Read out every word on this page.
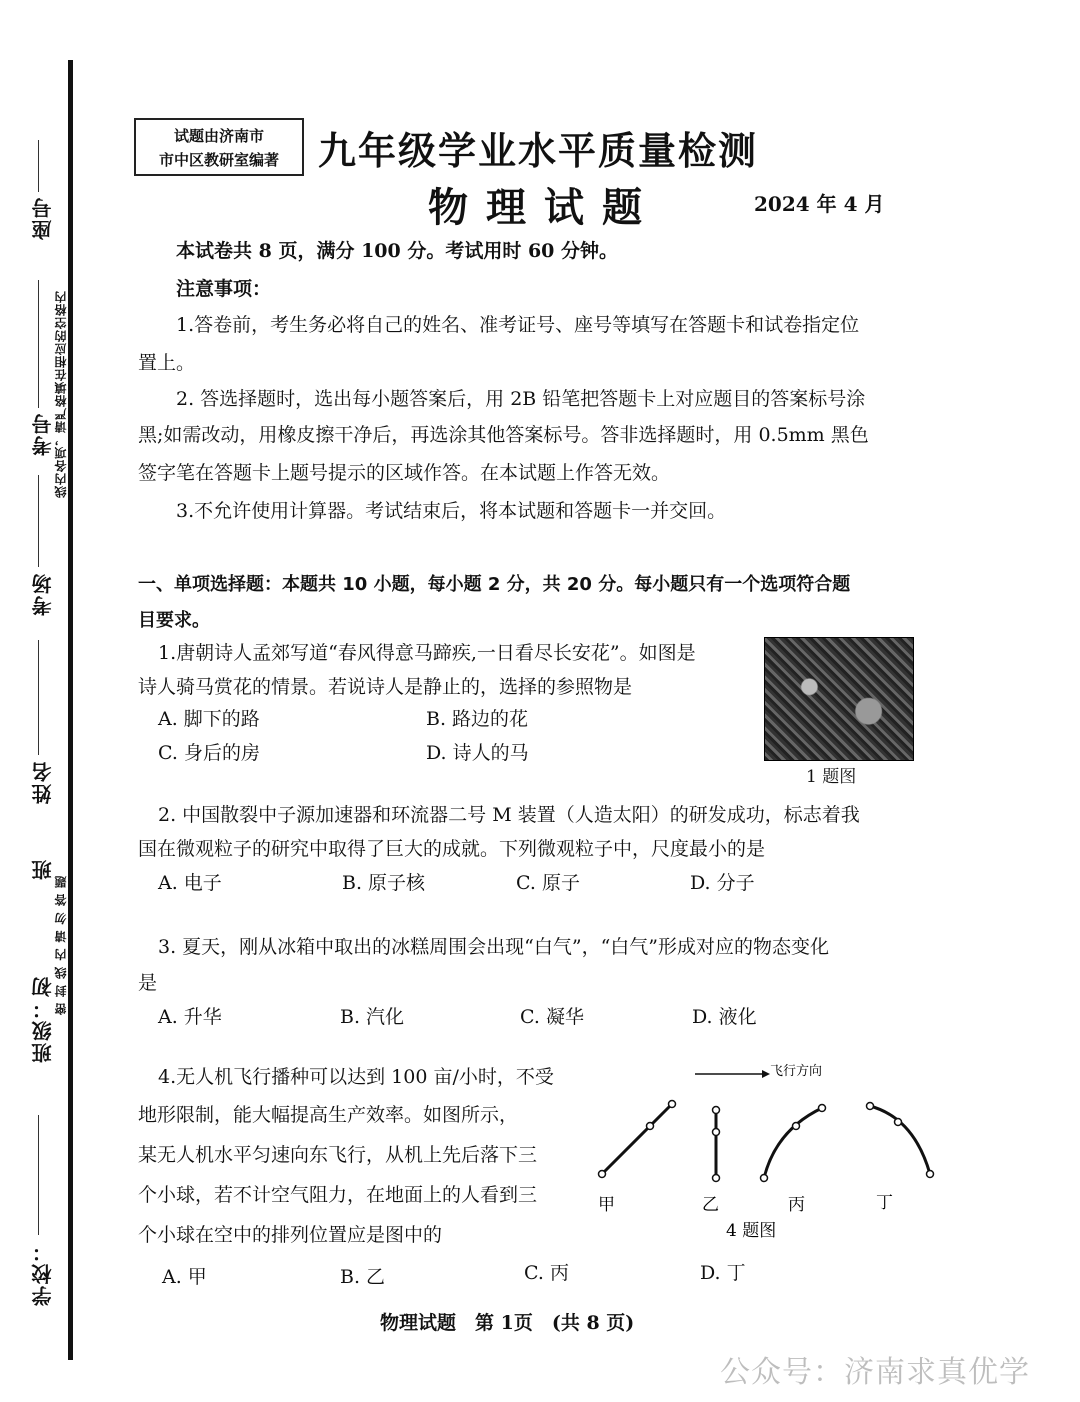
座号
考号
考场
姓名
班
班级：初
学校：
线内各项，请严格填在相应的空格内
密 封 线 内 请 勿 答 题
试题由济南市
市中区教研室编著	九年级学业水平质量检测
物理试题	2024 年 4 月
本试卷共 8 页，满分 100 分。考试用时 60 分钟。
注意事项：
1.答卷前，考生务必将自己的姓名、准考证号、座号等填写在答题卡和试卷指定位
置上。
2. 答选择题时，选出每小题答案后，用 2B 铅笔把答题卡上对应题目的答案标号涂
黑;如需改动，用橡皮擦干净后，再选涂其他答案标号。答非选择题时，用 0.5mm 黑色
签字笔在答题卡上题号提示的区域作答。在本试题上作答无效。
3.不允许使用计算器。考试结束后，将本试题和答题卡一并交回。
一、单项选择题：本题共 10 小题，每小题 2 分，共 20 分。每小题只有一个选项符合题
目要求。
1.唐朝诗人孟郊写道“春风得意马蹄疾,一日看尽长安花”。如图是
诗人骑马赏花的情景。若说诗人是静止的，选择的参照物是
A. 脚下的路	B. 路边的花
C. 身后的房	D. 诗人的马
1 题图
2. 中国散裂中子源加速器和环流器二号 M 装置（人造太阳）的研发成功，标志着我
国在微观粒子的研究中取得了巨大的成就。下列微观粒子中，尺度最小的是
A. 电子	B. 原子核	C. 原子	D. 分子
3. 夏天，刚从冰箱中取出的冰糕周围会出现“白气”，“白气”形成对应的物态变化
是
A. 升华	B. 汽化	C. 凝华	D. 液化
4.无人机飞行播种可以达到 100 亩/小时，不受
地形限制，能大幅提高生产效率。如图所示，
某无人机水平匀速向东飞行，从机上先后落下三
个小球，若不计空气阻力，在地面上的人看到三
个小球在空中的排列位置应是图中的
A. 甲	B. 乙	C. 丙	D. 丁
飞行方向
甲	乙	丙	丁
4 题图
物理试题　第 1页　(共 8 页)
公众号：济南求真优学
